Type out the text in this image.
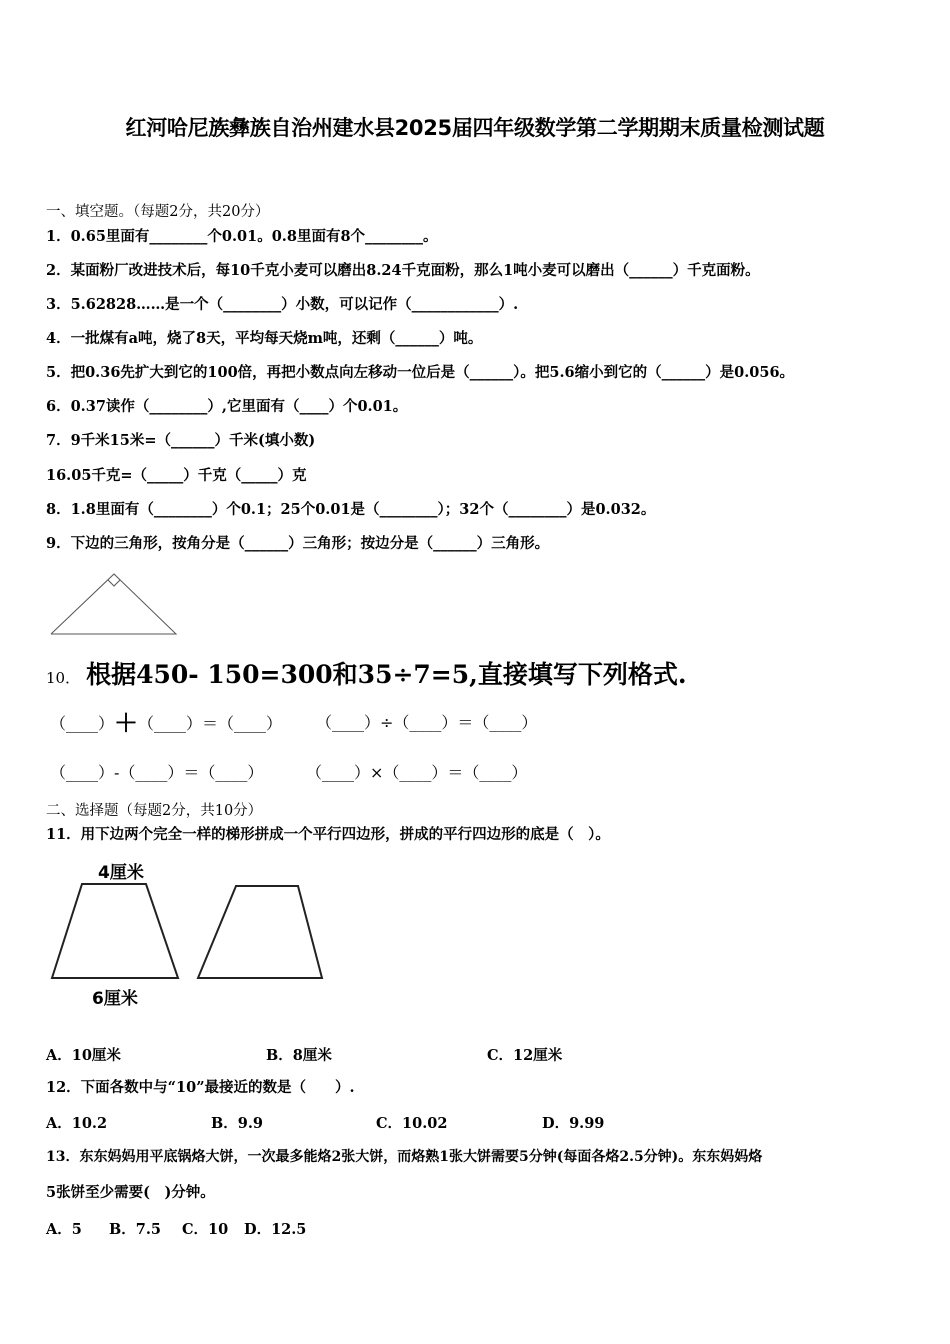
红河哈尼族彝族自治州建水县2025届四年级数学第二学期期末质量检测试题
一、填空题。（每题2分，共20分）
1．0.65里面有________个0.01。0.8里面有8个________。
2．某面粉厂改进技术后，每10千克小麦可以磨出8.24千克面粉，那么1吨小麦可以磨出（______）千克面粉。
3．5.62828……是一个（________）小数，可以记作（____________）.
4．一批煤有a吨，烧了8天，平均每天烧m吨，还剩（______）吨。
5．把0.36先扩大到它的100倍，再把小数点向左移动一位后是（______）。把5.6缩小到它的（______）是0.056。
6．0.37读作（________）,它里面有（____）个0.01。
7．9千米15米=（______）千米(填小数)
16.05千克=（_____）千克（_____）克
8．1.8里面有（________）个0.1；25个0.01是（________）；32个（________）是0.032。
9．下边的三角形，按角分是（______）三角形；按边分是（______）三角形。
10． 根据450- 150=300和35÷7=5,直接填写下列格式.
（____）＋（____）＝（____） （____）÷（____）＝（____）
（____）-（____）＝（____）	（____）×（____）＝（____）
二、选择题（每题2分，共10分）
11．用下边两个完全一样的梯形拼成一个平行四边形，拼成的平行四边形的底是（　）。
4厘米
6厘米
A．10厘米	B．8厘米	C．12厘米
12．下面各数中与“10”最接近的数是（　　）.
A．10.2	B．9.9	C．10.02	D．9.99
13．东东妈妈用平底锅烙大饼，一次最多能烙2张大饼，而烙熟1张大饼需要5分钟(每面各烙2.5分钟)。东东妈妈烙
5张饼至少需要(　)分钟。
A．5 B．7.5 C．10 D．12.5
